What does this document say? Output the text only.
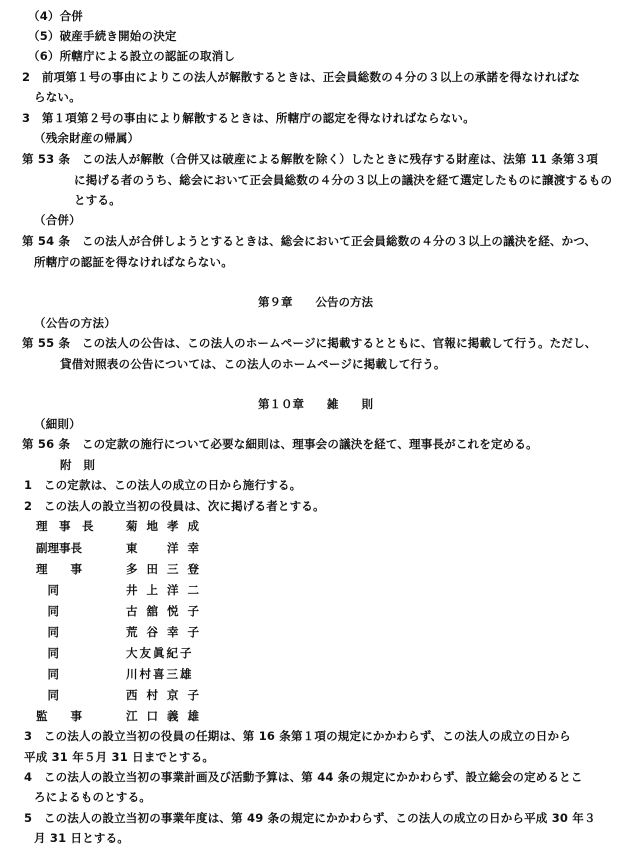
（4）合併
（5）破産手続き開始の決定
（6）所轄庁による設立の認証の取消し
2　前項第１号の事由によりこの法人が解散するときは、正会員総数の４分の３以上の承諾を得なければな
らない。
3　第１項第２号の事由により解散するときは、所轄庁の認定を得なければならない。
（残余財産の帰属）
第 53 条　この法人が解散（合併又は破産による解散を除く）したときに残存する財産は、法第 11 条第３項
に掲げる者のうち、総会において正会員総数の４分の３以上の議決を経て選定したものに譲渡するもの
とする。
（合併）
第 54 条　この法人が合併しようとするときは、総会において正会員総数の４分の３以上の議決を経、かつ、
所轄庁の認証を得なければならない。
第９章　　公告の方法
（公告の方法）
第 55 条　この法人の公告は、この法人のホームページに掲載するとともに、官報に掲載して行う。ただし、
貸借対照表の公告については、この法人のホームページに掲載して行う。
第１０章　　雑　　則
（細則）
第 56 条　この定款の施行について必要な細則は、理事会の議決を経て、理事長がこれを定める。
附　則
1　この定款は、この法人の成立の日から施行する。
2　この法人の設立当初の役員は、次に掲げる者とする。
理　事　長	菊地孝成
副理事長	東　洋幸
理　　事	多田三登
　同	井上洋二
　同	古舘悦子
　同	荒谷幸子
　同	大友眞紀子
　同	川村喜三雄
　同	西村京子
監　　事	江口義雄
3　この法人の設立当初の役員の任期は、第 16 条第１項の規定にかかわらず、この法人の成立の日から
平成 31 年５月 31 日までとする。
4　この法人の設立当初の事業計画及び活動予算は、第 44 条の規定にかかわらず、設立総会の定めるとこ
ろによるものとする。
5　この法人の設立当初の事業年度は、第 49 条の規定にかかわらず、この法人の成立の日から平成 30 年３
月 31 日とする。
